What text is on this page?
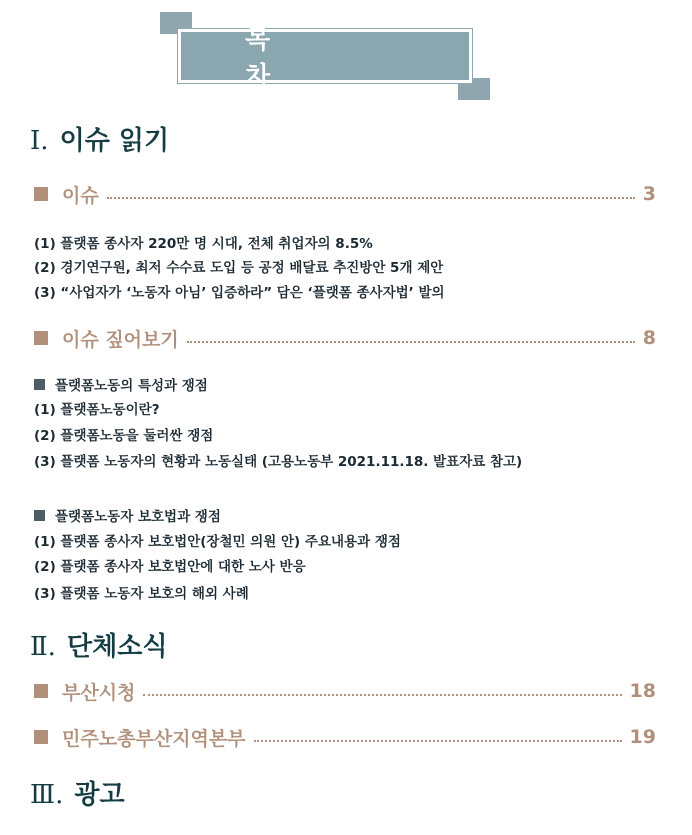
목 차
Ⅰ. 이슈 읽기
이슈	3
(1) 플랫폼 종사자 220만 명 시대, 전체 취업자의 8.5%
(2) 경기연구원, 최저 수수료 도입 등 공정 배달료 추진방안 5개 제안
(3) “사업자가 ‘노동자 아님’ 입증하라” 담은 ‘플랫폼 종사자법’ 발의
이슈 짚어보기	8
플랫폼노동의 특성과 쟁점
(1) 플랫폼노동이란?
(2) 플랫폼노동을 둘러싼 쟁점
(3) 플랫폼 노동자의 현황과 노동실태 (고용노동부 2021.11.18. 발표자료 참고)
플랫폼노동자 보호법과 쟁점
(1) 플랫폼 종사자 보호법안(장철민 의원 안) 주요내용과 쟁점
(2) 플랫폼 종사자 보호법안에 대한 노사 반응
(3) 플랫폼 노동자 보호의 해외 사례
Ⅱ. 단체소식
부산시청	18
민주노총부산지역본부	19
Ⅲ. 광고
